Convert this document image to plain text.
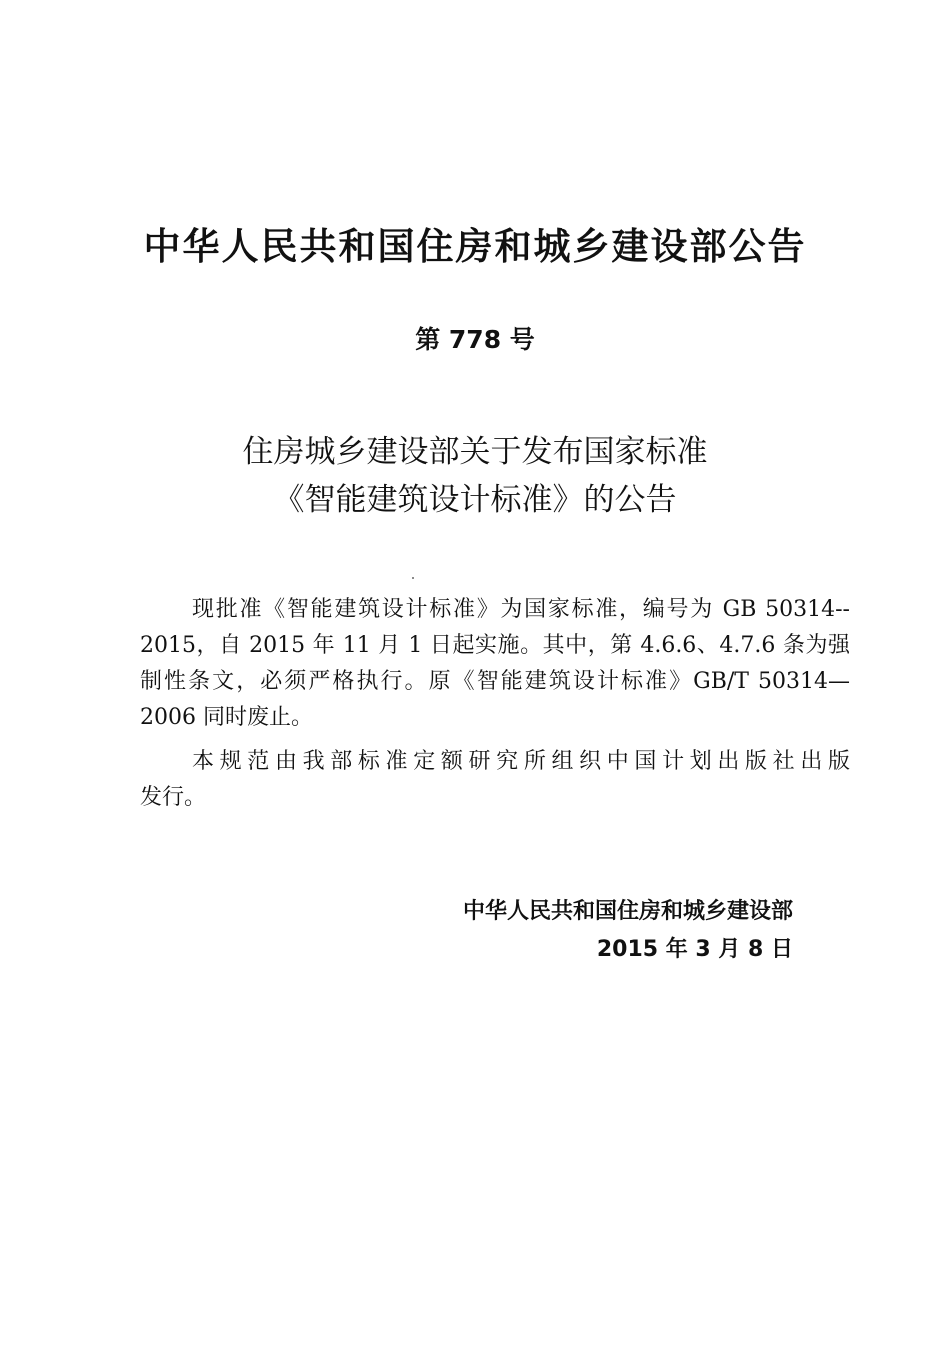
中华人民共和国住房和城乡建设部公告
第 778 号
住房城乡建设部关于发布国家标准
《智能建筑设计标准》的公告
现批准《智能建筑设计标准》为国家标准，编号为 GB 50314--
2015，自 2015 年 11 月 1 日起实施。其中，第 4.6.6、4.7.6 条为强
制性条文，必须严格执行。原《智能建筑设计标准》GB/T 50314—
2006 同时废止。
本规范由我部标准定额研究所组织中国计划出版社出版
发行。
中华人民共和国住房和城乡建设部
2015 年 3 月 8 日
